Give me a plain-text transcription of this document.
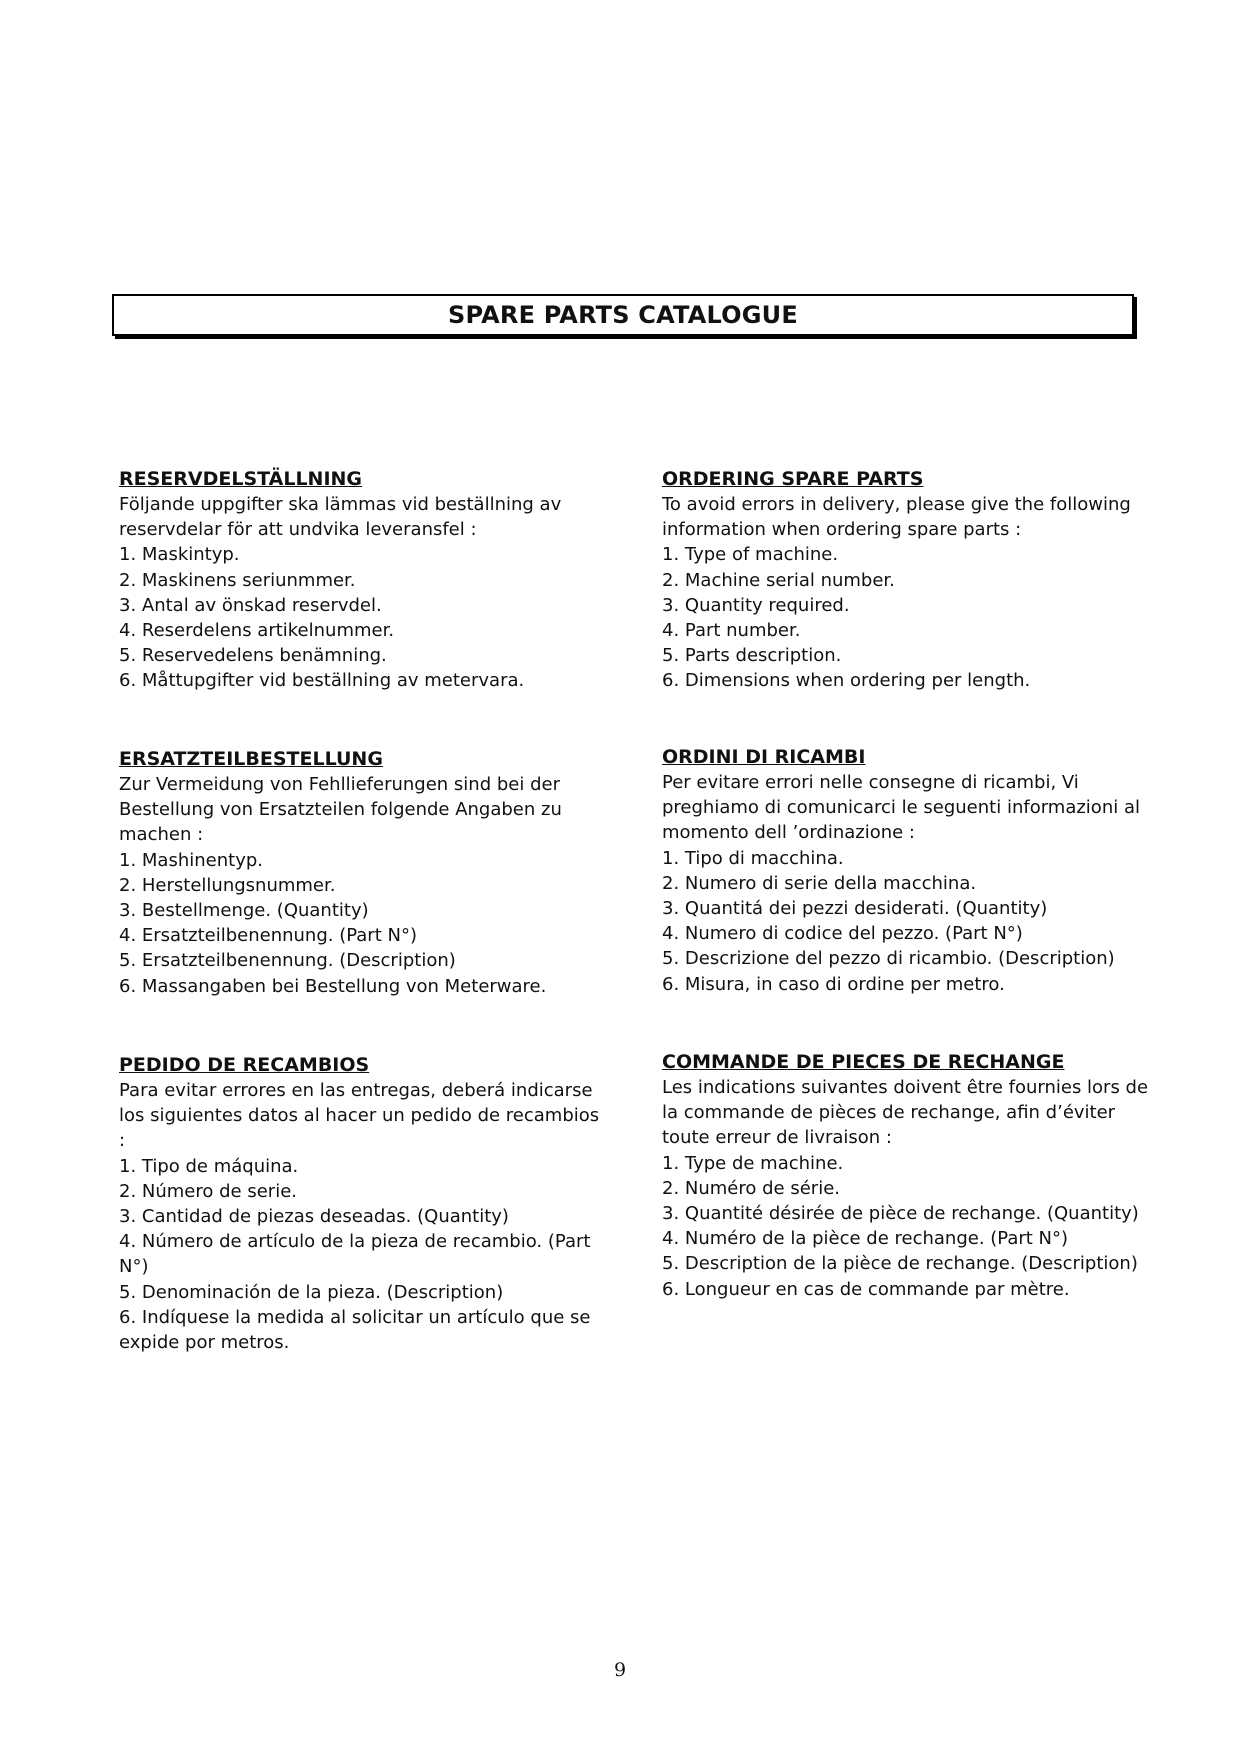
SPARE PARTS CATALOGUE
RESERVDELSTÄLLNING
Följande uppgifter ska lämmas vid beställning av
reservdelar för att undvika leveransfel :
1. Maskintyp.
2. Maskinens seriunmmer.
3. Antal av önskad reservdel.
4. Reserdelens artikelnummer.
5. Reservedelens benämning.
6. Måttupgifter vid beställning av metervara.
ORDERING SPARE PARTS
To avoid errors in delivery, please give the following
information when ordering spare parts :
1. Type of machine.
2. Machine serial number.
3. Quantity required.
4. Part number.
5. Parts description.
6. Dimensions when ordering per length.
ERSATZTEILBESTELLUNG
Zur Vermeidung von Fehllieferungen sind bei der
Bestellung von Ersatzteilen folgende Angaben zu
machen :
1. Mashinentyp.
2. Herstellungsnummer.
3. Bestellmenge. (Quantity)
4. Ersatzteilbenennung. (Part N°)
5. Ersatzteilbenennung. (Description)
6. Massangaben bei Bestellung von Meterware.
ORDINI DI RICAMBI
Per evitare errori nelle consegne di ricambi, Vi
preghiamo di comunicarci le seguenti informazioni al
momento dell ’ordinazione :
1. Tipo di macchina.
2. Numero di serie della macchina.
3. Quantitá dei pezzi desiderati. (Quantity)
4. Numero di codice del pezzo. (Part N°)
5. Descrizione del pezzo di ricambio. (Description)
6. Misura, in caso di ordine per metro.
PEDIDO DE RECAMBIOS
Para evitar errores en las entregas, deberá indicarse
los siguientes datos al hacer un pedido de recambios
:
1. Tipo de máquina.
2. Número de serie.
3. Cantidad de piezas deseadas. (Quantity)
4. Número de artículo de la pieza de recambio. (Part N°)
5. Denominación de la pieza. (Description)
6. Indíquese la medida al solicitar un artículo que se
expide por metros.
COMMANDE DE PIECES DE RECHANGE
Les indications suivantes doivent être fournies lors de
la commande de pièces de rechange, afin d’éviter
toute erreur de livraison :
1. Type de machine.
2. Numéro de série.
3. Quantité désirée de pièce de rechange. (Quantity)
4. Numéro de la pièce de rechange. (Part N°)
5. Description de la pièce de rechange. (Description)
6. Longueur en cas de commande par mètre.
9
